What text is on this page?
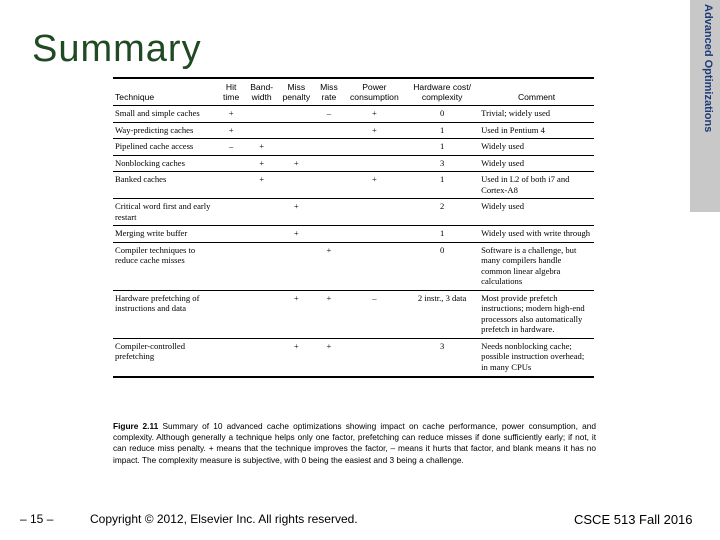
Summary	Advanced Optimizations
Technique	Hit time	Band- width	Miss penalty	Miss rate	Power consumption	Hardware cost/ complexity	Comment
Small and simple caches	+			–	+	0	Trivial; widely used
Way-predicting caches	+				+	1	Used in Pentium 4
Pipelined cache access	–	+				1	Widely used
Nonblocking caches		+	+			3	Widely used
Banked caches		+			+	1	Used in L2 of both i7 and Cortex-A8
Critical word first and early restart			+			2	Widely used
Merging write buffer			+			1	Widely used with write through
Compiler techniques to reduce cache misses				+		0	Software is a challenge, but many compilers handle common linear algebra calculations
Hardware prefetching of instructions and data			+	+	–	2 instr., 3 data	Most provide prefetch instructions; modern high-end processors also automatically prefetch in hardware.
Compiler-controlled prefetching			+	+		3	Needs nonblocking cache; possible instruction overhead; in many CPUs
Figure 2.11 Summary of 10 advanced cache optimizations showing impact on cache performance, power consumption, and complexity. Although generally a technique helps only one factor, prefetching can reduce misses if done sufficiently early; if not, it can reduce miss penalty. + means that the technique improves the factor, – means it hurts that factor, and blank means it has no impact. The complexity measure is subjective, with 0 being the easiest and 3 being a challenge.
– 15 –	Copyright © 2012, Elsevier Inc. All rights reserved.	CSCE 513 Fall 2016
